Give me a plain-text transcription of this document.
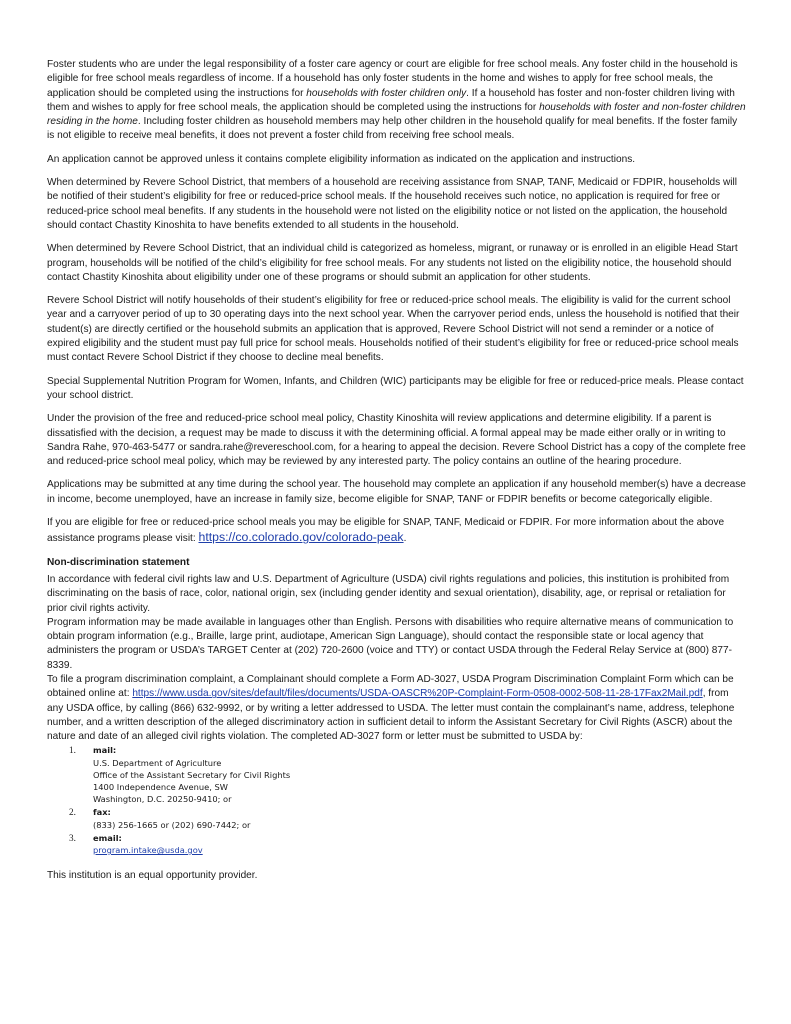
Foster students who are under the legal responsibility of a foster care agency or court are eligible for free school meals. Any foster child in the household is eligible for free school meals regardless of income. If a household has only foster students in the home and wishes to apply for free school meals, the application should be completed using the instructions for households with foster children only. If a household has foster and non-foster children living with them and wishes to apply for free school meals, the application should be completed using the instructions for households with foster and non-foster children residing in the home. Including foster children as household members may help other children in the household qualify for meal benefits. If the foster family is not eligible to receive meal benefits, it does not prevent a foster child from receiving free school meals.

An application cannot be approved unless it contains complete eligibility information as indicated on the application and instructions.

When determined by Revere School District, that members of a household are receiving assistance from SNAP, TANF, Medicaid or FDPIR, households will be notified of their student’s eligibility for free or reduced-price school meals. If the household receives such notice, no application is required for free or reduced-price school meal benefits. If any students in the household were not listed on the eligibility notice or not listed on the application, the household should contact Chastity Kinoshita to have benefits extended to all students in the household.

When determined by Revere School District, that an individual child is categorized as homeless, migrant, or runaway or is enrolled in an eligible Head Start program, households will be notified of the child’s eligibility for free school meals. For any students not listed on the eligibility notice, the household should contact Chastity Kinoshita about eligibility under one of these programs or should submit an application for other students.

Revere School District will notify households of their student’s eligibility for free or reduced-price school meals. The eligibility is valid for the current school year and a carryover period of up to 30 operating days into the next school year. When the carryover period ends, unless the household is notified that their student(s) are directly certified or the household submits an application that is approved, Revere School District will not send a reminder or a notice of expired eligibility and the student must pay full price for school meals. Households notified of their student’s eligibility for free or reduced-price school meals must contact Revere School District if they choose to decline meal benefits.

Special Supplemental Nutrition Program for Women, Infants, and Children (WIC) participants may be eligible for free or reduced-price meals. Please contact your school district.

Under the provision of the free and reduced-price school meal policy, Chastity Kinoshita will review applications and determine eligibility. If a parent is dissatisfied with the decision, a request may be made to discuss it with the determining official. A formal appeal may be made either orally or in writing to Sandra Rahe, 970-463-5477 or sandra.rahe@revereschool.com, for a hearing to appeal the decision. Revere School District has a copy of the complete free and reduced-price school meal policy, which may be reviewed by any interested party. The policy contains an outline of the hearing procedure.

Applications may be submitted at any time during the school year. The household may complete an application if any household member(s) have a decrease in income, become unemployed, have an increase in family size, become eligible for SNAP, TANF or FDPIR benefits or become categorically eligible.

If you are eligible for free or reduced-price school meals you may be eligible for SNAP, TANF, Medicaid or FDPIR. For more information about the above assistance programs please visit: https://co.colorado.gov/colorado-peak.

Non-discrimination statement

In accordance with federal civil rights law and U.S. Department of Agriculture (USDA) civil rights regulations and policies, this institution is prohibited from discriminating on the basis of race, color, national origin, sex (including gender identity and sexual orientation), disability, age, or reprisal or retaliation for prior civil rights activity.

Program information may be made available in languages other than English. Persons with disabilities who require alternative means of communication to obtain program information (e.g., Braille, large print, audiotape, American Sign Language), should contact the responsible state or local agency that administers the program or USDA’s TARGET Center at (202) 720-2600 (voice and TTY) or contact USDA through the Federal Relay Service at (800) 877-8339.

To file a program discrimination complaint, a Complainant should complete a Form AD-3027, USDA Program Discrimination Complaint Form which can be obtained online at: https://www.usda.gov/sites/default/files/documents/USDA-OASCR%20P-Complaint-Form-0508-0002-508-11-28-17Fax2Mail.pdf, from any USDA office, by calling (866) 632-9992, or by writing a letter addressed to USDA. The letter must contain the complainant’s name, address, telephone number, and a written description of the alleged discriminatory action in sufficient detail to inform the Assistant Secretary for Civil Rights (ASCR) about the nature and date of an alleged civil rights violation. The completed AD-3027 form or letter must be submitted to USDA by:

1. mail:
U.S. Department of Agriculture
Office of the Assistant Secretary for Civil Rights
1400 Independence Avenue, SW
Washington, D.C. 20250-9410; or
2. fax:
(833) 256-1665 or (202) 690-7442; or
3. email:
program.intake@usda.gov

This institution is an equal opportunity provider.
